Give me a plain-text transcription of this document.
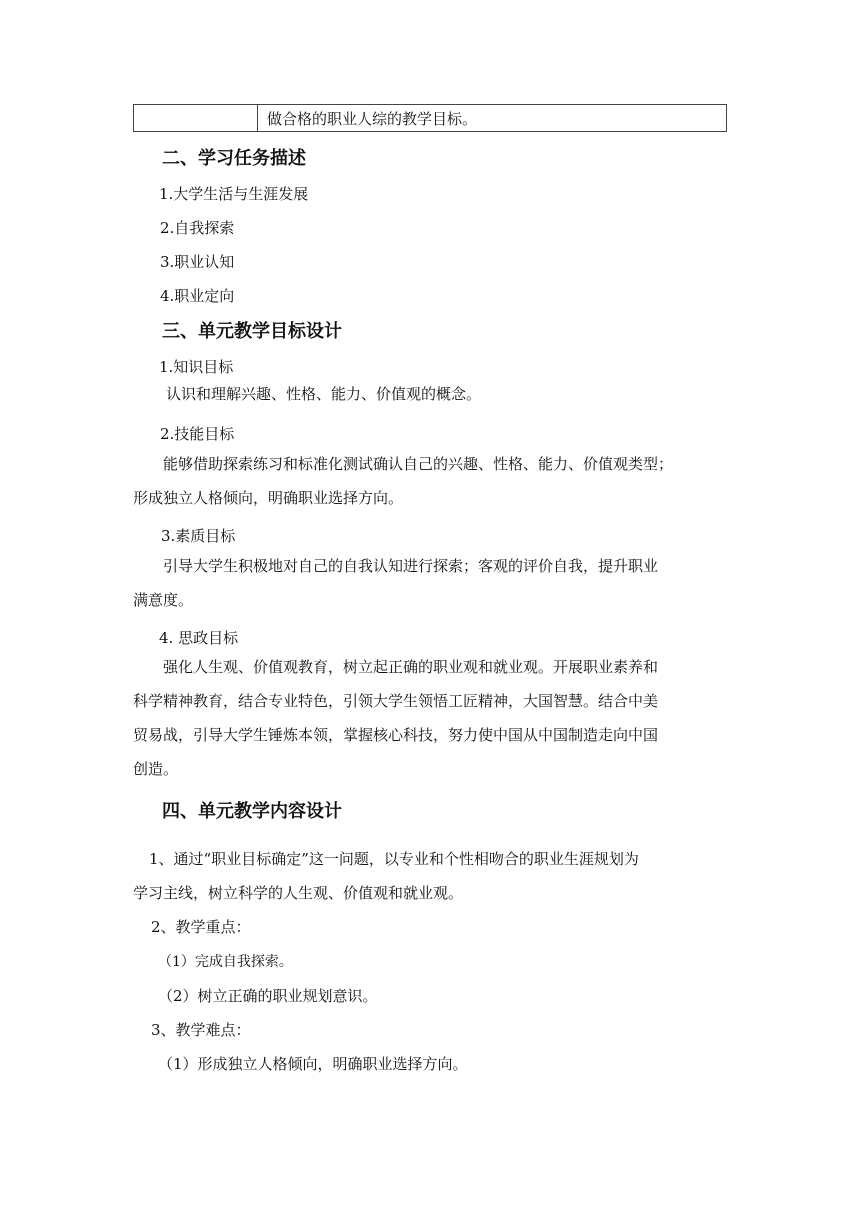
做合格的职业人综的教学目标。
二、学习任务描述
1.大学生活与生涯发展
2.自我探索
3.职业认知
4.职业定向
三、单元教学目标设计
1.知识目标
认识和理解兴趣、性格、能力、价值观的概念。
2.技能目标
能够借助探索练习和标准化测试确认自己的兴趣、性格、能力、价值观类型；
形成独立人格倾向，明确职业选择方向。
3.素质目标
引导大学生积极地对自己的自我认知进行探索；客观的评价自我，提升职业
满意度。
4. 思政目标
强化人生观、价值观教育，树立起正确的职业观和就业观。开展职业素养和
科学精神教育，结合专业特色，引领大学生领悟工匠精神，大国智慧。结合中美
贸易战，引导大学生锤炼本领，掌握核心科技，努力使中国从中国制造走向中国
创造。
四、单元教学内容设计
1、通过“职业目标确定”这一问题，以专业和个性相吻合的职业生涯规划为
学习主线，树立科学的人生观、价值观和就业观。
2、教学重点：
（1）完成自我探索。
（2）树立正确的职业规划意识。
3、教学难点：
（1）形成独立人格倾向，明确职业选择方向。
